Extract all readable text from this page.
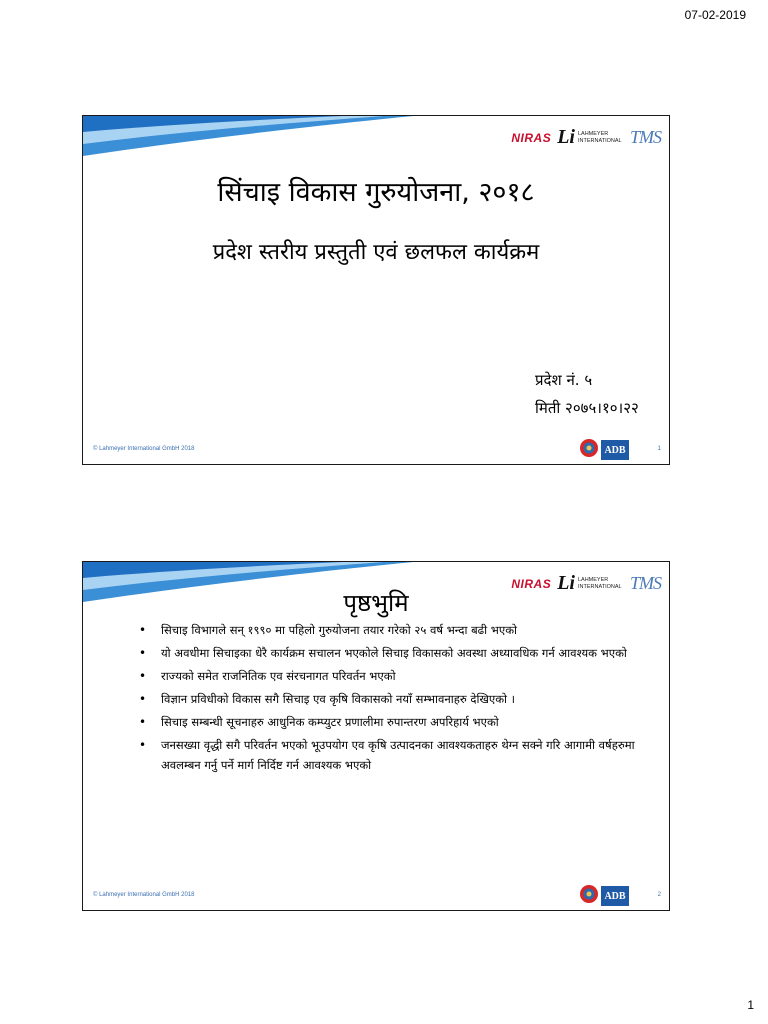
07-02-2019
NIRAS Li LAHMEYER INTERNATIONAL TMS
सिंचाइ विकास गुरुयोजना, २०१८
प्रदेश स्तरीय प्रस्तुती एवं छलफल कार्यक्रम
प्रदेश नं. ५
मिती २०७५।१०।२२
© Lahmeyer International GmbH 2018	ADB	1
NIRAS Li LAHMEYER INTERNATIONAL TMS
पृष्ठभुमि
• सिचाइ विभागले सन् १९९० मा पहिलो गुरुयोजना तयार गरेको २५ वर्ष भन्दा बढी भएको
• यो अवधीमा सिचाइका धेरै कार्यक्रम सचालन भएकोले सिचाइ विकासको अवस्था अध्यावधिक गर्न आवश्यक भएको
• राज्यको समेत राजनितिक एव संरचनागत परिवर्तन भएको
• विज्ञान प्रविधीको विकास सगै सिचाइ एव कृषि विकासको नयाँ सम्भावनाहरु देखिएको ।
• सिचाइ सम्बन्धी सूचनाहरु आधुनिक कम्प्युटर प्रणालीमा रुपान्तरण अपरिहार्य भएको
• जनसख्या वृद्धी सगै परिवर्तन भएको भूउपयोग एव कृषि उत्पादनका आवश्यकताहरु थेग्न सक्ने गरि आगामी वर्षहरुमा अवलम्बन गर्नु पर्ने मार्ग निर्दिष्ट गर्न आवश्यक भएको
© Lahmeyer International GmbH 2018	ADB	2
1
